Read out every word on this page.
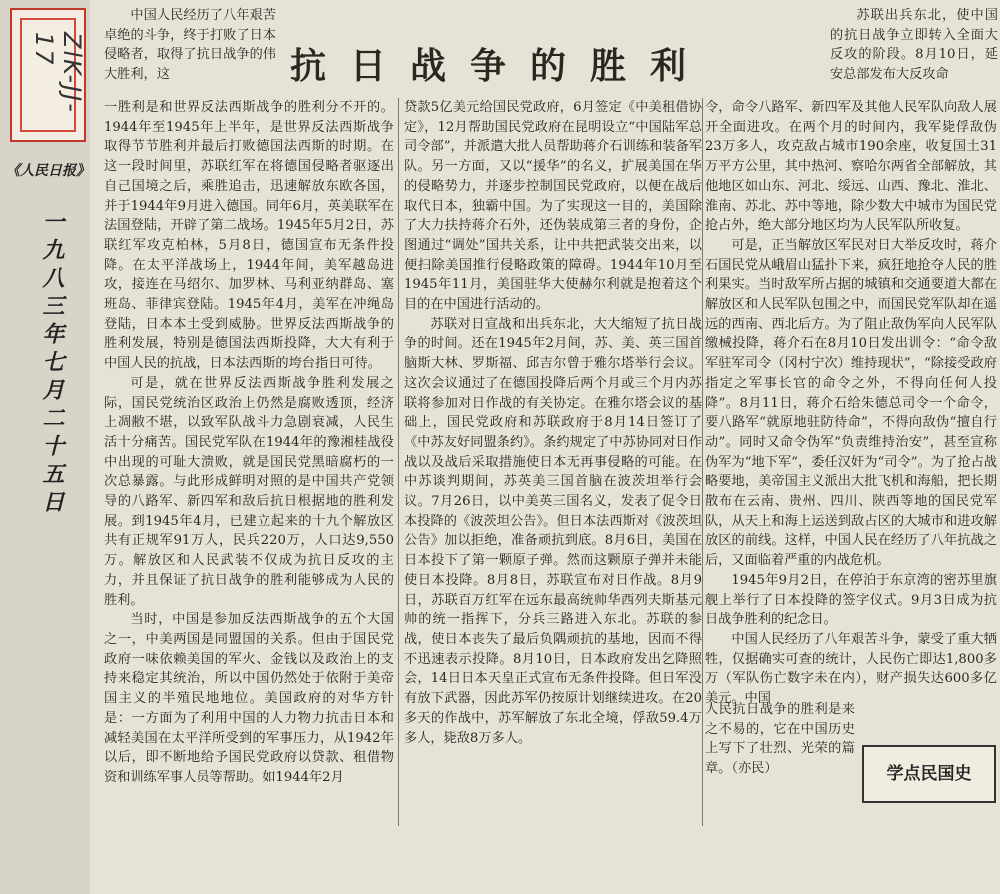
ZlK-JJ-17
《人民日报》
一九八三年七月二十五日
抗日战争的胜利

中国人民经历了八年艰苦卓绝的斗争，终于打败了日本侵略者，取得了抗日战争的伟大胜利，这

一胜利是和世界反法西斯战争的胜利分不开的。1944年至1945年上半年，是世界反法西斯战争取得节节胜利并最后打败德国法西斯的时期。在这一段时间里，苏联红军在将德国侵略者驱逐出自己国境之后，乘胜追击，迅速解放东欧各国，并于1944年9月进入德国。同年6月，英美联军在法国登陆，开辟了第二战场。1945年5月2日，苏联红军攻克柏林，5月8日，德国宣布无条件投降。在太平洋战场上，1944年间，美军越岛进攻，接连在马绍尔、加罗林、马利亚纳群岛、塞班岛、菲律宾登陆。1945年4月，美军在冲绳岛登陆，日本本土受到威胁。世界反法西斯战争的胜利发展，特别是德国法西斯投降，大大有利于中国人民的抗战，日本法西斯的垮台指日可待。

可是，就在世界反法西斯战争胜利发展之际，国民党统治区政治上仍然是腐败透顶，经济上凋敝不堪，以致军队战斗力急剧衰减，人民生活十分痛苦。国民党军队在1944年的豫湘桂战役中出现的可耻大溃败，就是国民党黑暗腐朽的一次总暴露。与此形成鲜明对照的是中国共产党领导的八路军、新四军和敌后抗日根据地的胜利发展。到1945年4月，已建立起来的十九个解放区共有正规军91万人，民兵220万，人口达9,550万。解放区和人民武装不仅成为抗日反攻的主力，并且保证了抗日战争的胜利能够成为人民的胜利。

当时，中国是参加反法西斯战争的五个大国之一，中美两国是同盟国的关系。但由于国民党政府一味依赖美国的军火、金钱以及政治上的支持来稳定其统治，所以中国仍然处于依附于美帝国主义的半殖民地地位。美国政府的对华方针是：一方面为了利用中国的人力物力抗击日本和减轻美国在太平洋所受到的军事压力，从1942年以后，即不断地给予国民党政府以贷款、租借物资和训练军事人员等帮助。如1944年2月

贷款5亿美元给国民党政府，6月签定《中美租借协定》，12月帮助国民党政府在昆明设立“中国陆军总司令部”，并派遣大批人员帮助蒋介石训练和装备军队。另一方面，又以“援华”的名义，扩展美国在华的侵略势力，并逐步控制国民党政府，以便在战后取代日本，独霸中国。为了实现这一目的，美国除了大力扶持蒋介石外，还伪装成第三者的身份，企图通过“调处”国共关系，让中共把武装交出来，以便扫除美国推行侵略政策的障碍。1944年10月至1945年11月，美国驻华大使赫尔利就是抱着这个目的在中国进行活动的。

苏联对日宣战和出兵东北，大大缩短了抗日战争的时间。还在1945年2月间，苏、美、英三国首脑斯大林、罗斯福、邱吉尔曾于雅尔塔举行会议。这次会议通过了在德国投降后两个月或三个月内苏联将参加对日作战的有关协定。在雅尔塔会议的基础上，国民党政府和苏联政府于8月14日签订了《中苏友好同盟条约》。条约规定了中苏协同对日作战以及战后采取措施使日本无再事侵略的可能。在中苏谈判期间，苏英美三国首脑在波茨坦举行会议。7月26日，以中美英三国名义，发表了促令日本投降的《波茨坦公告》。但日本法西斯对《波茨坦公告》加以拒绝，准备顽抗到底。8月6日，美国在日本投下了第一颗原子弹。然而这颗原子弹并未能使日本投降。8月8日，苏联宣布对日作战。8月9日，苏联百万红军在远东最高统帅华西列夫斯基元帅的统一指挥下，分兵三路进入东北。苏联的参战，使日本丧失了最后负隅顽抗的基地，因而不得不迅速表示投降。8月10日，日本政府发出乞降照会，14日日本天皇正式宣布无条件投降。但日军没有放下武器，因此苏军仍按原计划继续进攻。在20多天的作战中，苏军解放了东北全境，俘敌59.4万多人，毙敌8万多人。

苏联出兵东北，使中国的抗日战争立即转入全面大反攻的阶段。8月10日，延安总部发布大反攻命

令，命令八路军、新四军及其他人民军队向敌人展开全面进攻。在两个月的时间内，我军毙俘敌伪23万多人，攻克敌占城市190余座，收复国土31万平方公里，其中热河、察哈尔两省全部解放，其他地区如山东、河北、绥远、山西、豫北、淮北、淮南、苏北、苏中等地，除少数大中城市为国民党抢占外，绝大部分地区均为人民军队所收复。

可是，正当解放区军民对日大举反攻时，蒋介石国民党从峨眉山猛扑下来，疯狂地抢夺人民的胜利果实。当时敌军所占据的城镇和交通要道大都在解放区和人民军队包围之中，而国民党军队却在遥远的西南、西北后方。为了阻止敌伪军向人民军队缴械投降，蒋介石在8月10日发出训令：“命令敌军驻军司令（冈村宁次）维持现状”，“除接受政府指定之军事长官的命令之外，不得向任何人投降”。8月11日，蒋介石给朱德总司令一个命令，要八路军“就原地驻防待命”，不得向敌伪“擅自行动”。同时又命令伪军“负责维持治安”，甚至宣称伪军为“地下军”，委任汉奸为“司令”。为了抢占战略要地，美帝国主义派出大批飞机和海船，把长期散布在云南、贵州、四川、陕西等地的国民党军队，从天上和海上运送到敌占区的大城市和进攻解放区的前线。这样，中国人民在经历了八年抗战之后，又面临着严重的内战危机。

1945年9月2日，在停泊于东京湾的密苏里旗舰上举行了日本投降的签字仪式。9月3日成为抗日战争胜利的纪念日。

中国人民经历了八年艰苦斗争，蒙受了重大牺牲，仅据确实可查的统计，人民伤亡即达1,800多万（军队伤亡数字未在内），财产损失达600多亿美元。中国

人民抗日战争的胜利是来之不易的，它在中国历史上写下了壮烈、光荣的篇章。（亦民）	学点民国史
